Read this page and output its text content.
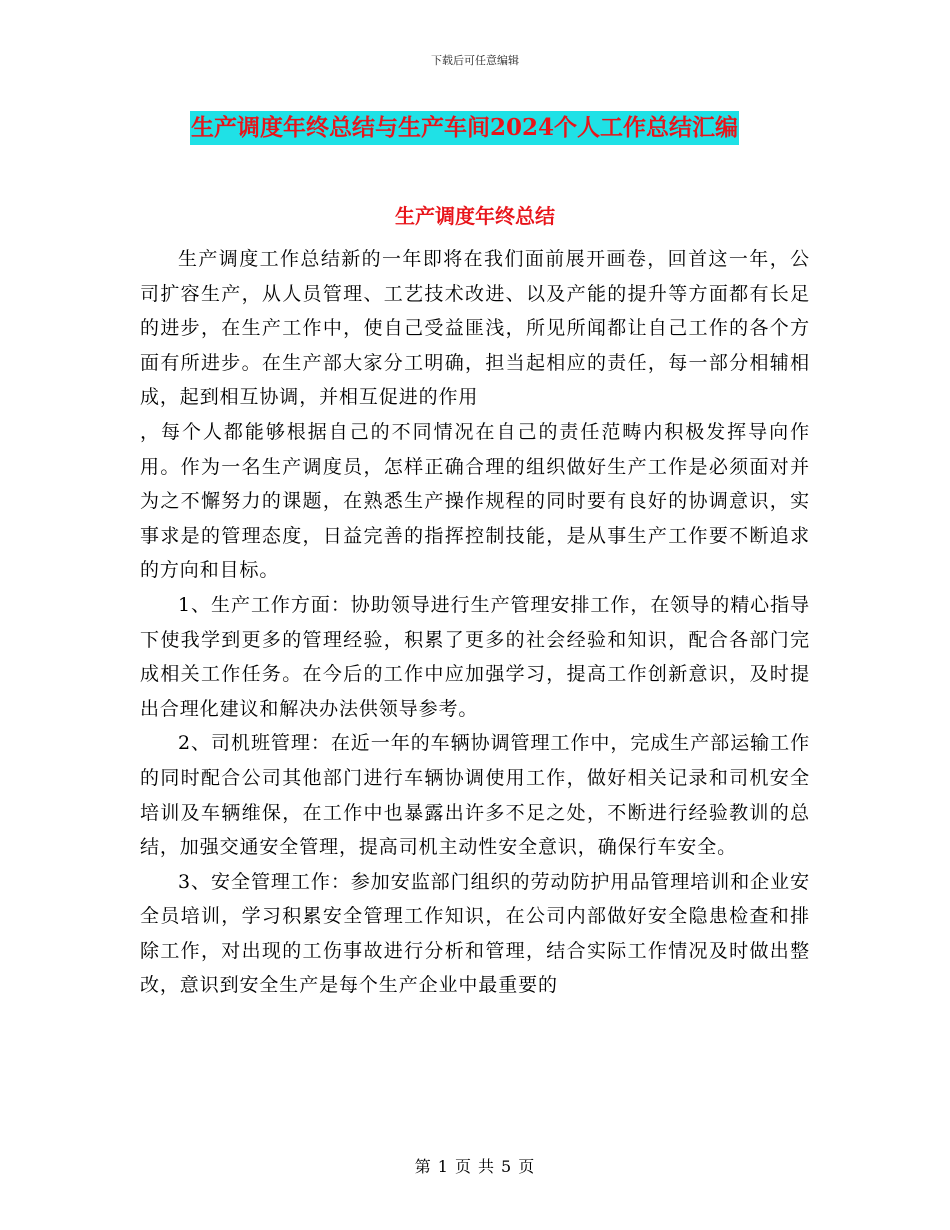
下载后可任意编辑
生产调度年终总结与生产车间2024个人工作总结汇编
生产调度年终总结

生产调度工作总结新的一年即将在我们面前展开画卷，回首这一年，公司扩容生产，从人员管理、工艺技术改进、以及产能的提升等方面都有长足的进步，在生产工作中，使自己受益匪浅，所见所闻都让自己工作的各个方面有所进步。在生产部大家分工明确，担当起相应的责任，每一部分相辅相成，起到相互协调，并相互促进的作用

，每个人都能够根据自己的不同情况在自己的责任范畴内积极发挥导向作用。作为一名生产调度员，怎样正确合理的组织做好生产工作是必须面对并为之不懈努力的课题，在熟悉生产操作规程的同时要有良好的协调意识，实事求是的管理态度，日益完善的指挥控制技能，是从事生产工作要不断追求的方向和目标。

1、生产工作方面：协助领导进行生产管理安排工作，在领导的精心指导下使我学到更多的管理经验，积累了更多的社会经验和知识，配合各部门完成相关工作任务。在今后的工作中应加强学习，提高工作创新意识，及时提出合理化建议和解决办法供领导参考。

2、司机班管理：在近一年的车辆协调管理工作中，完成生产部运输工作的同时配合公司其他部门进行车辆协调使用工作，做好相关记录和司机安全培训及车辆维保，在工作中也暴露出许多不足之处，不断进行经验教训的总结，加强交通安全管理，提高司机主动性安全意识，确保行车安全。

3、安全管理工作：参加安监部门组织的劳动防护用品管理培训和企业安全员培训，学习积累安全管理工作知识，在公司内部做好安全隐患检查和排除工作，对出现的工伤事故进行分析和管理，结合实际工作情况及时做出整改，意识到安全生产是每个生产企业中最重要的

第 1 页 共 5 页
